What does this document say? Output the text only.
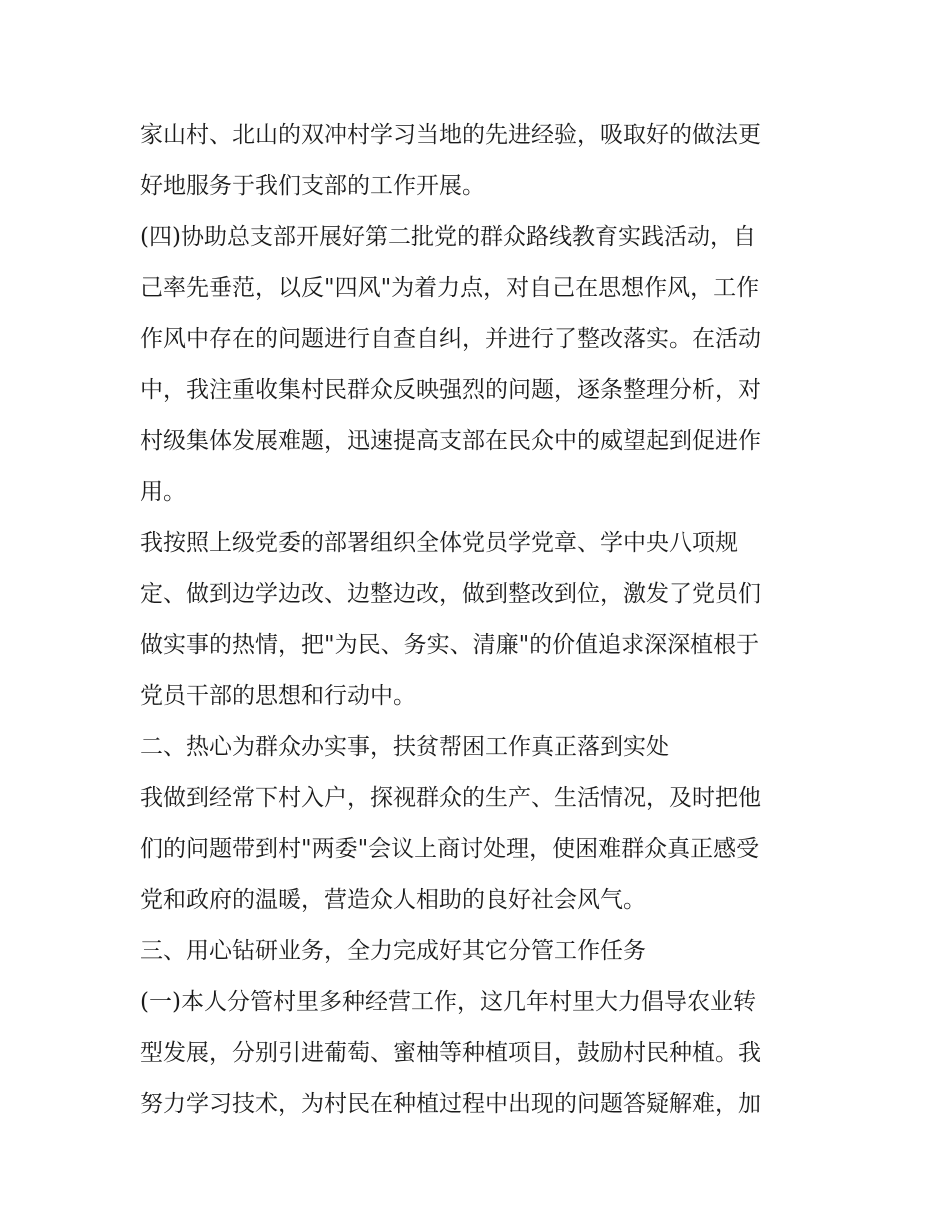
家山村、北山的双冲村学习当地的先进经验，吸取好的做法更
好地服务于我们支部的工作开展。
(四)协助总支部开展好第二批党的群众路线教育实践活动，自
己率先垂范，以反"四风"为着力点，对自己在思想作风，工作
作风中存在的问题进行自查自纠，并进行了整改落实。在活动
中，我注重收集村民群众反映强烈的问题，逐条整理分析，对
村级集体发展难题，迅速提高支部在民众中的威望起到促进作
用。
我按照上级党委的部署组织全体党员学党章、学中央八项规
定、做到边学边改、边整边改，做到整改到位，激发了党员们
做实事的热情，把"为民、务实、清廉"的价值追求深深植根于
党员干部的思想和行动中。
二、热心为群众办实事，扶贫帮困工作真正落到实处
我做到经常下村入户，探视群众的生产、生活情况，及时把他
们的问题带到村"两委"会议上商讨处理，使困难群众真正感受
党和政府的温暖，营造众人相助的良好社会风气。
三、用心钻研业务，全力完成好其它分管工作任务
(一)本人分管村里多种经营工作，这几年村里大力倡导农业转
型发展，分别引进葡萄、蜜柚等种植项目，鼓励村民种植。我
努力学习技术，为村民在种植过程中出现的问题答疑解难，加
